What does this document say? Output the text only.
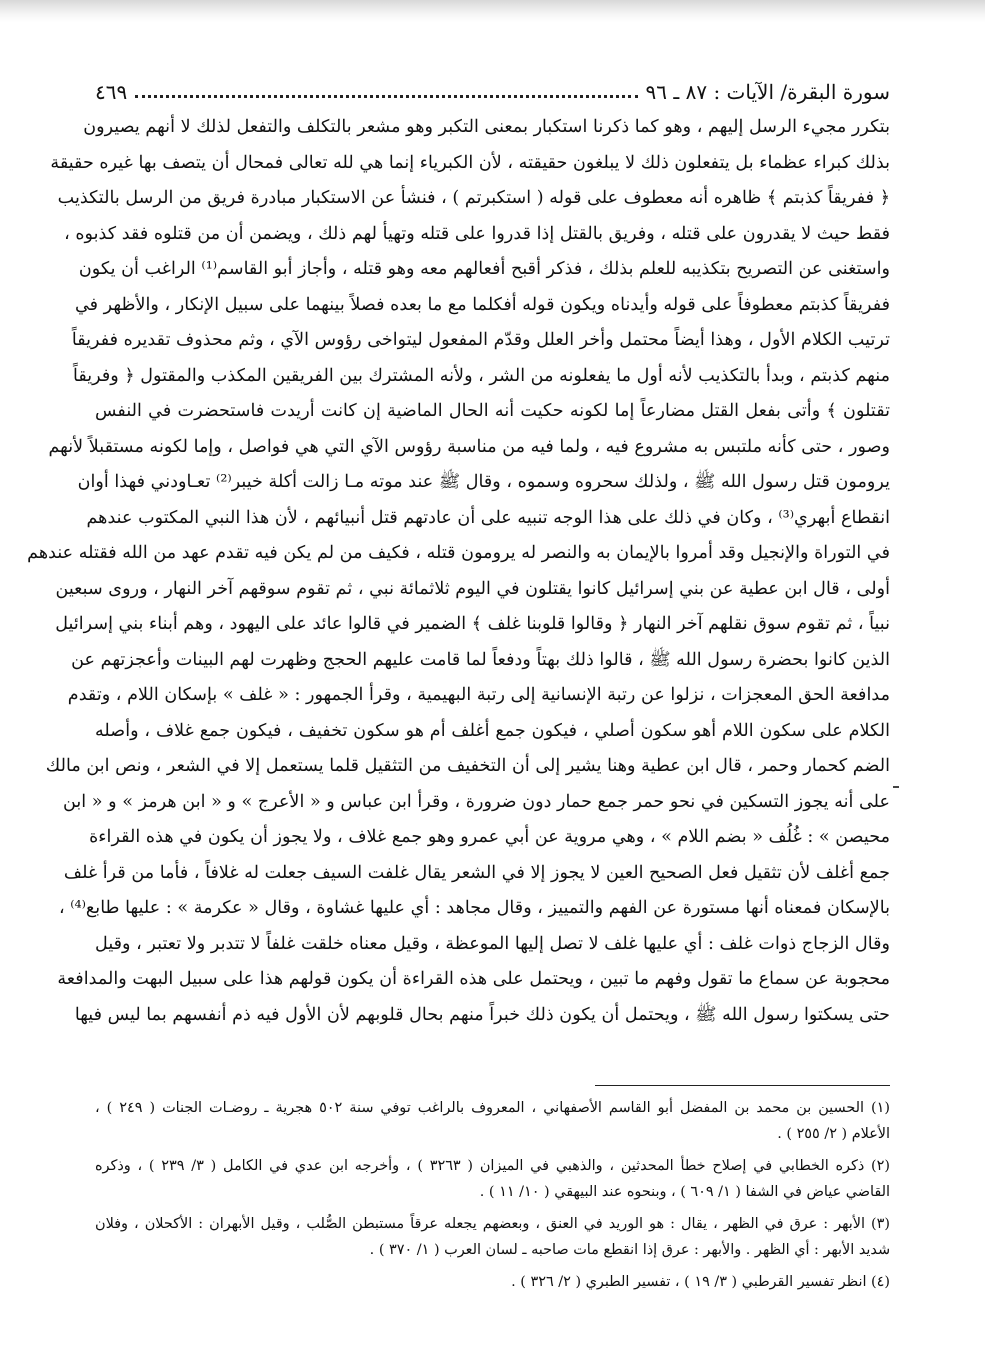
سورة البقرة/ الآيات : ٨٧ ـ ٩٦
٤٦٩
بتكرر مجيء الرسل إليهم ، وهو كما ذكرنا استكبار بمعنى التكبر وهو مشعر بالتكلف والتفعل لذلك لا أنهم يصيرون
بذلك كبراء عظماء بل يتفعلون ذلك لا يبلغون حقيقته ، لأن الكبرياء إنما هي لله تعالى فمحال أن يتصف بها غيره حقيقة
﴿ ففريقاً كذبتم ﴾ ظاهره أنه معطوف على قوله ( استكبرتم ) ، فنشأ عن الاستكبار مبادرة فريق من الرسل بالتكذيب
فقط حيث لا يقدرون على قتله ، وفريق بالقتل إذا قدروا على قتله وتهيأ لهم ذلك ، ويضمن أن من قتلوه فقد كذبوه ،
واستغنى عن التصريح بتكذيبه للعلم بذلك ، فذكر أقبح أفعالهم معه وهو قتله ، وأجاز أبو القاسم⁽¹⁾ الراغب أن يكون
ففريقاً كذبتم معطوفاً على قوله وأيدناه ويكون قوله أفكلما مع ما بعده فصلاً بينهما على سبيل الإنكار ، والأظهر في
ترتيب الكلام الأول ، وهذا أيضاً محتمل وأخر العلل وقدّم المفعول ليتواخى رؤوس الآي ، وثم محذوف تقديره ففريقاً
منهم كذبتم ، وبدأ بالتكذيب لأنه أول ما يفعلونه من الشر ، ولأنه المشترك بين الفريقين المكذب والمقتول ﴿ وفريقاً
تقتلون ﴾ وأتى بفعل القتل مضارعاً إما لكونه حكيت أنه الحال الماضية إن كانت أريدت فاستحضرت في النفس
وصور ، حتى كأنه ملتبس به مشروع فيه ، ولما فيه من مناسبة رؤوس الآي التي هي فواصل ، وإما لكونه مستقبلاً لأنهم
يرومون قتل رسول الله ﷺ ، ولذلك سحروه وسموه ، وقال ﷺ عند موته مـا زالت أكلة خيبر⁽²⁾ تعـاودني فهذا أوان
انقطاع أبهري⁽³⁾ ، وكان في ذلك على هذا الوجه تنبيه على أن عادتهم قتل أنبيائهم ، لأن هذا النبي المكتوب عندهم
في التوراة والإنجيل وقد أمروا بالإيمان به والنصر له يرومون قتله ، فكيف من لم يكن فيه تقدم عهد من الله فقتله عندهم
أولى ، قال ابن عطية عن بني إسرائيل كانوا يقتلون في اليوم ثلاثمائة نبي ، ثم تقوم سوقهم آخر النهار ، وروى سبعين
نبياً ، ثم تقوم سوق نقلهم آخر النهار ﴿ وقالوا قلوبنا غلف ﴾ الضمير في قالوا عائد على اليهود ، وهم أبناء بني إسرائيل
الذين كانوا بحضرة رسول الله ﷺ ، قالوا ذلك بهتاً ودفعاً لما قامت عليهم الحجج وظهرت لهم البينات وأعجزتهم عن
مدافعة الحق المعجزات ، نزلوا عن رتبة الإنسانية إلى رتبة البهيمية ، وقرأ الجمهور : « غلف » بإسكان اللام ، وتقدم
الكلام على سكون اللام أهو سكون أصلي ، فيكون جمع أغلف أم هو سكون تخفيف ، فيكون جمع غلاف ، وأصله
الضم كحمار وحمر ، قال ابن عطية وهنا يشير إلى أن التخفيف من التثقيل قلما يستعمل إلا في الشعر ، ونص ابن مالك
على أنه يجوز التسكين في نحو حمر جمع حمار دون ضرورة ، وقرأ ابن عباس و « الأعرج » و « ابن هرمز » و « ابن
محيصن » : غُلُف « بضم اللام » ، وهي مروية عن أبي عمرو وهو جمع غلاف ، ولا يجوز أن يكون في هذه القراءة
جمع أغلف لأن تثقيل فعل الصحيح العين لا يجوز إلا في الشعر يقال غلفت السيف جعلت له غلافاً ، فأما من قرأ غلف
بالإسكان فمعناه أنها مستورة عن الفهم والتمييز ، وقال مجاهد : أي عليها غشاوة ، وقال « عكرمة » : عليها طابع⁽⁴⁾ ،
وقال الزجاج ذوات غلف : أي عليها غلف لا تصل إليها الموعظة ، وقيل معناه خلقت غلفاً لا تتدبر ولا تعتبر ، وقيل
محجوبة عن سماع ما تقول وفهم ما تبين ، ويحتمل على هذه القراءة أن يكون قولهم هذا على سبيل البهت والمدافعة
حتى يسكتوا رسول الله ﷺ ، ويحتمل أن يكون ذلك خبراً منهم بحال قلوبهم لأن الأول فيه ذم أنفسهم بما ليس فيها
(١) الحسين بن محمد بن المفضل أبو القاسم الأصفهاني ، المعروف بالراغب توفي سنة ٥٠٢ هجرية ـ روضـات الجنات ( ٢٤٩ ) ،
الأعلام ( ٢/ ٢٥٥ ) .
(٢) ذكره الخطابي في إصلاح خطأ المحدثين ، والذهبي في الميزان ( ٣٢٦٣ ) ، وأخرجه ابن عدي في الكامل ( ٣/ ٢٣٩ ) ، وذكره
القاضي عياض في الشفا ( ١/ ٦٠٩ ) ، وبنحوه عند البيهقي ( ١٠/ ١١ ) .
(٣) الأبهر : عرق في الظهر ، يقال : هو الوريد في العنق ، وبعضهم يجعله عرقاً مستبطن الصُّلب ، وقيل الأبهران : الأكحلان ، وفلان
شديد الأبهر : أي الظهر . والأبهر : عرق إذا انقطع مات صاحبه ـ لسان العرب ( ١/ ٣٧٠ ) .
(٤) انظر تفسير القرطبي ( ٣/ ١٩ ) ، تفسير الطبري ( ٢/ ٣٢٦ ) .
